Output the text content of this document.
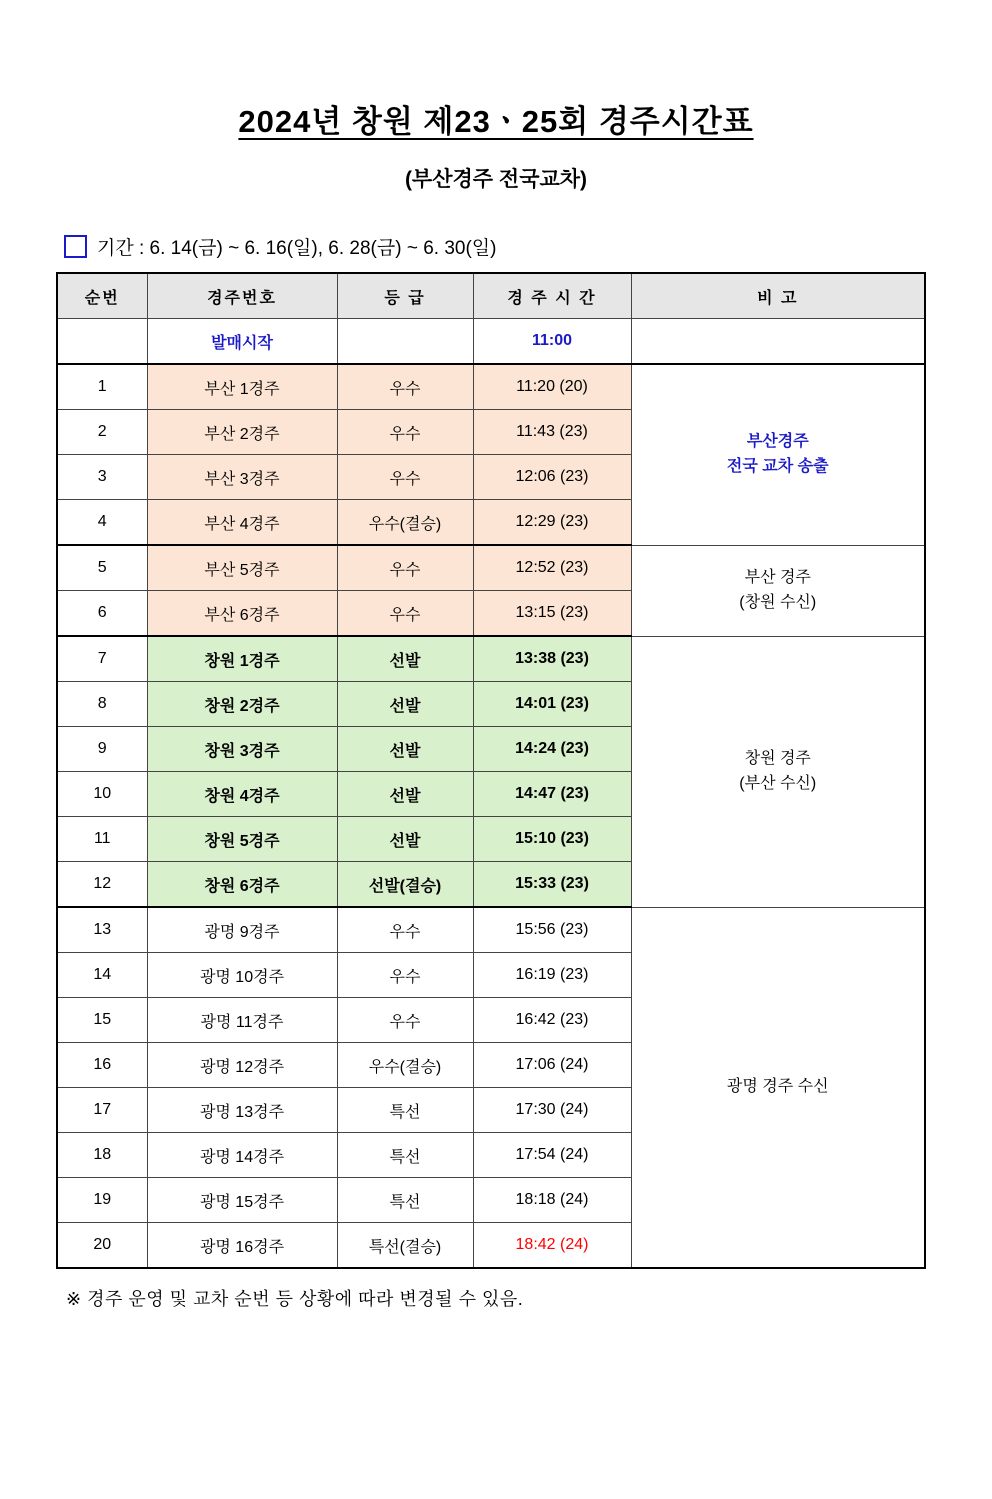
2024년 창원 제23ㆍ25회 경주시간표
(부산경주 전국교차)
기간 : 6. 14(금) ~ 6. 16(일), 6. 28(금) ~ 6. 30(일)
순번	경주번호	등 급	경 주 시 간	비 고
	발매시작		11:00	
1	부산 1경주	우수	11:20 (20)	부산경주
전국 교차 송출
2	부산 2경주	우수	11:43 (23)	
3	부산 3경주	우수	12:06 (23)	
4	부산 4경주	우수(결승)	12:29 (23)	
5	부산 5경주	우수	12:52 (23)	부산 경주
(창원 수신)
6	부산 6경주	우수	13:15 (23)	
7	창원 1경주	선발	13:38 (23)	창원 경주
(부산 수신)
8	창원 2경주	선발	14:01 (23)	
9	창원 3경주	선발	14:24 (23)	
10	창원 4경주	선발	14:47 (23)	
11	창원 5경주	선발	15:10 (23)	
12	창원 6경주	선발(결승)	15:33 (23)	
13	광명 9경주	우수	15:56 (23)	광명 경주 수신
14	광명 10경주	우수	16:19 (23)	
15	광명 11경주	우수	16:42 (23)	
16	광명 12경주	우수(결승)	17:06 (24)	
17	광명 13경주	특선	17:30 (24)	
18	광명 14경주	특선	17:54 (24)	
19	광명 15경주	특선	18:18 (24)	
20	광명 16경주	특선(결승)	18:42 (24)	
※ 경주 운영 및 교차 순번 등 상황에 따라 변경될 수 있음.
